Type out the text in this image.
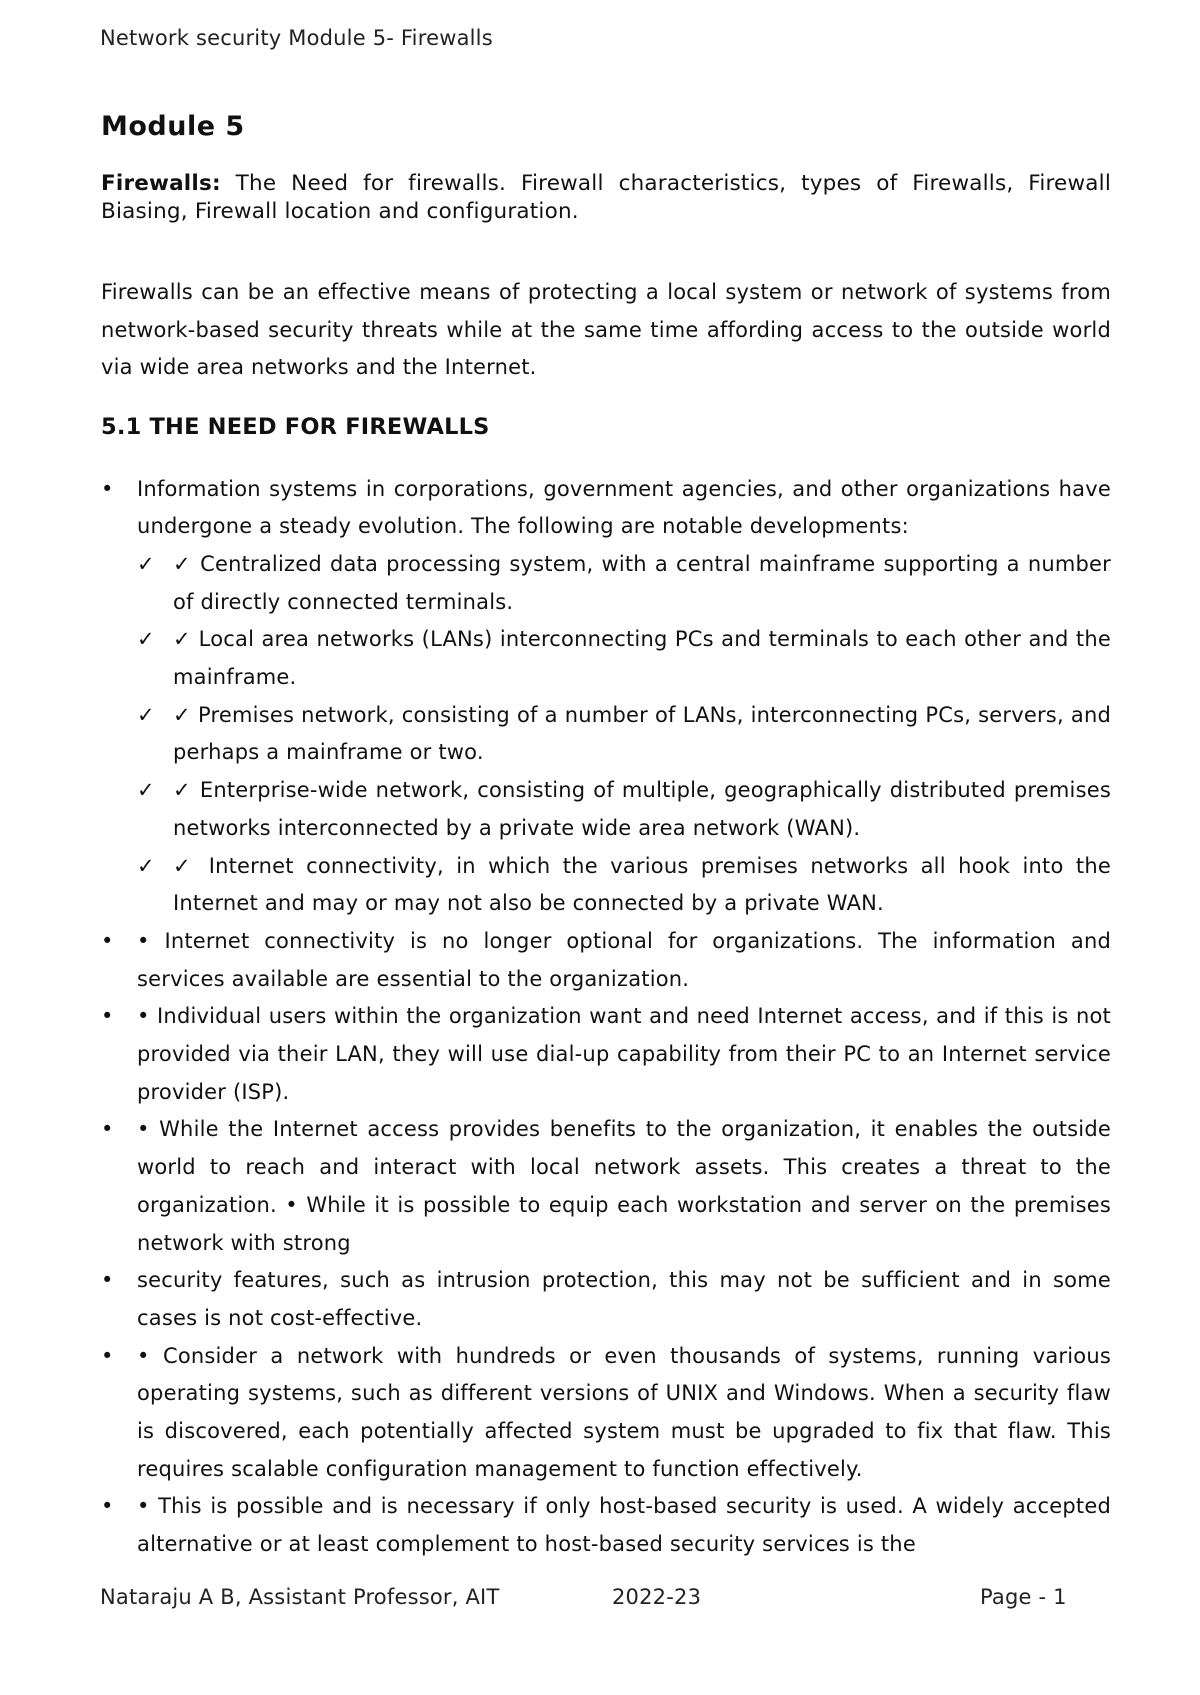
Network security Module 5- Firewalls
Module 5
Firewalls: The Need for firewalls. Firewall characteristics, types of Firewalls, Firewall Biasing, Firewall location and configuration.

Firewalls can be an effective means of protecting a local system or network of systems from network-based security threats while at the same time affording access to the outside world via wide area networks and the Internet.

5.1 THE NEED FOR FIREWALLS
•	Information systems in corporations, government agencies, and other organizations have undergone a steady evolution. The following are notable developments:
✓ ✓ Centralized data processing system, with a central mainframe supporting a number of directly connected terminals.
✓ ✓ Local area networks (LANs) interconnecting PCs and terminals to each other and the mainframe.
✓ ✓ Premises network, consisting of a number of LANs, interconnecting PCs, servers, and perhaps a mainframe or two.
✓ ✓ Enterprise-wide network, consisting of multiple, geographically distributed premises networks interconnected by a private wide area network (WAN).
✓ ✓ Internet connectivity, in which the various premises networks all hook into the Internet and may or may not also be connected by a private WAN.
•	• Internet connectivity is no longer optional for organizations. The information and services available are essential to the organization.
•	• Individual users within the organization want and need Internet access, and if this is not provided via their LAN, they will use dial-up capability from their PC to an Internet service provider (ISP).
•	• While the Internet access provides benefits to the organization, it enables the outside world to reach and interact with local network assets. This creates a threat to the organization. • While it is possible to equip each workstation and server on the premises network with strong
•	security features, such as intrusion protection, this may not be sufficient and in some cases is not cost-effective.
•	• Consider a network with hundreds or even thousands of systems, running various operating systems, such as different versions of UNIX and Windows. When a security flaw is discovered, each potentially affected system must be upgraded to fix that flaw. This requires scalable configuration management to function effectively.
•	• This is possible and is necessary if only host-based security is used. A widely accepted alternative or at least complement to host-based security services is the
Nataraju A B, Assistant Professor, AIT	2022-23	Page - 1
